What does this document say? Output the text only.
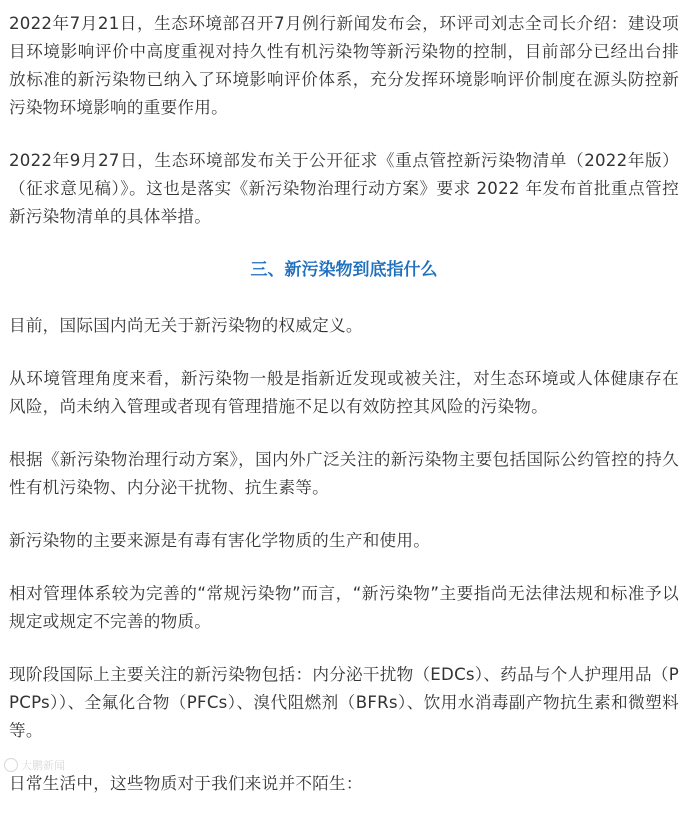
2022年7月21日，生态环境部召开7月例行新闻发布会，环评司刘志全司长介绍：建设项目环境影响评价中高度重视对持久性有机污染物等新污染物的控制，目前部分已经出台排放标准的新污染物已纳入了环境影响评价体系，充分发挥环境影响评价制度在源头防控新污染物环境影响的重要作用。

2022年9月27日，生态环境部发布关于公开征求《重点管控新污染物清单（2022年版）（征求意见稿）》。这也是落实《新污染物治理行动方案》要求 2022 年发布首批重点管控新污染物清单的具体举措。

三、新污染物到底指什么

目前，国际国内尚无关于新污染物的权威定义。

从环境管理角度来看，新污染物一般是指新近发现或被关注，对生态环境或人体健康存在风险，尚未纳入管理或者现有管理措施不足以有效防控其风险的污染物。

根据《新污染物治理行动方案》，国内外广泛关注的新污染物主要包括国际公约管控的持久性有机污染物、内分泌干扰物、抗生素等。

新污染物的主要来源是有毒有害化学物质的生产和使用。

相对管理体系较为完善的“常规污染物”而言，“新污染物”主要指尚无法律法规和标准予以规定或规定不完善的物质。

现阶段国际上主要关注的新污染物包括：内分泌干扰物（EDCs）、药品与个人护理用品（PPCPs））、全氟化合物（PFCs）、溴代阻燃剂（BFRs）、饮用水消毒副产物抗生素和微塑料等。

日常生活中，这些物质对于我们来说并不陌生：

大鹏新闻
